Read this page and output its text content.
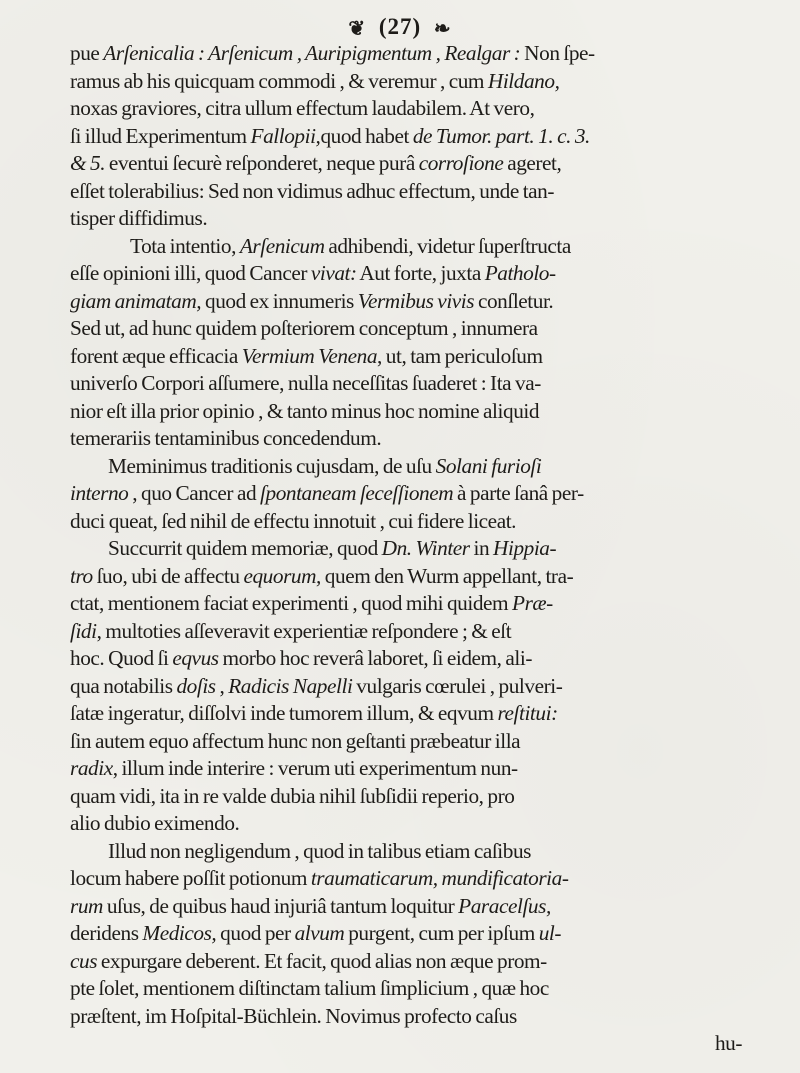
❦ (27) ❧
pue Arſenicalia : Arſenicum , Auripigmentum , Realgar : Non ſpe-
ramus ab his quicquam commodi , & veremur , cum Hildano,
noxas graviores, citra ullum effectum laudabilem. At vero,
ſi illud Experimentum Fallopii,quod habet de Tumor. part. 1. c. 3.
& 5. eventui ſecurè reſponderet, neque purâ corroſione ageret,
eſſet tolerabilius: Sed non vidimus adhuc effectum, unde tan-
tisper diffidimus.
Tota intentio, Arſenicum adhibendi, videtur ſuperſtructa
eſſe opinioni illi, quod Cancer vivat: Aut forte, juxta Patholo-
giam animatam, quod ex innumeris Vermibus vivis conſletur.
Sed ut, ad hunc quidem poſteriorem conceptum , innumera
forent æque efficacia Vermium Venena, ut, tam periculoſum
univerſo Corpori aſſumere, nulla neceſſitas ſuaderet : Ita va-
nior eſt illa prior opinio , & tanto minus hoc nomine aliquid
temerariis tentaminibus concedendum.
Meminimus traditionis cujusdam, de uſu Solani furioſi
interno , quo Cancer ad ſpontaneam ſeceſſionem à parte ſanâ per-
duci queat, ſed nihil de effectu innotuit , cui fidere liceat.
Succurrit quidem memoriæ, quod Dn. Winter in Hippia-
tro ſuo, ubi de affectu equorum, quem den Wurm appellant, tra-
ctat, mentionem faciat experimenti , quod mihi quidem Præ-
ſidi, multoties aſſeveravit experientiæ reſpondere ; & eſt
hoc. Quod ſi eqvus morbo hoc reverâ laboret, ſi eidem, ali-
qua notabilis doſis , Radicis Napelli vulgaris cœrulei , pulveri-
ſatæ ingeratur, diſſolvi inde tumorem illum, & eqvum reſtitui:
ſin autem equo affectum hunc non geſtanti præbeatur illa
radix, illum inde interire : verum uti experimentum nun-
quam vidi, ita in re valde dubia nihil ſubſidii reperio, pro
alio dubio eximendo.
Illud non negligendum , quod in talibus etiam caſibus
locum habere poſſit potionum traumaticarum, mundificatoria-
rum uſus, de quibus haud injuriâ tantum loquitur Paracelſus,
deridens Medicos, quod per alvum purgent, cum per ipſum ul-
cus expurgare deberent. Et facit, quod alias non æque prom-
pte ſolet, mentionem diſtinctam talium ſimplicium , quæ hoc
præſtent, im Hoſpital-Büchlein. Novimus profecto caſus
hu-
